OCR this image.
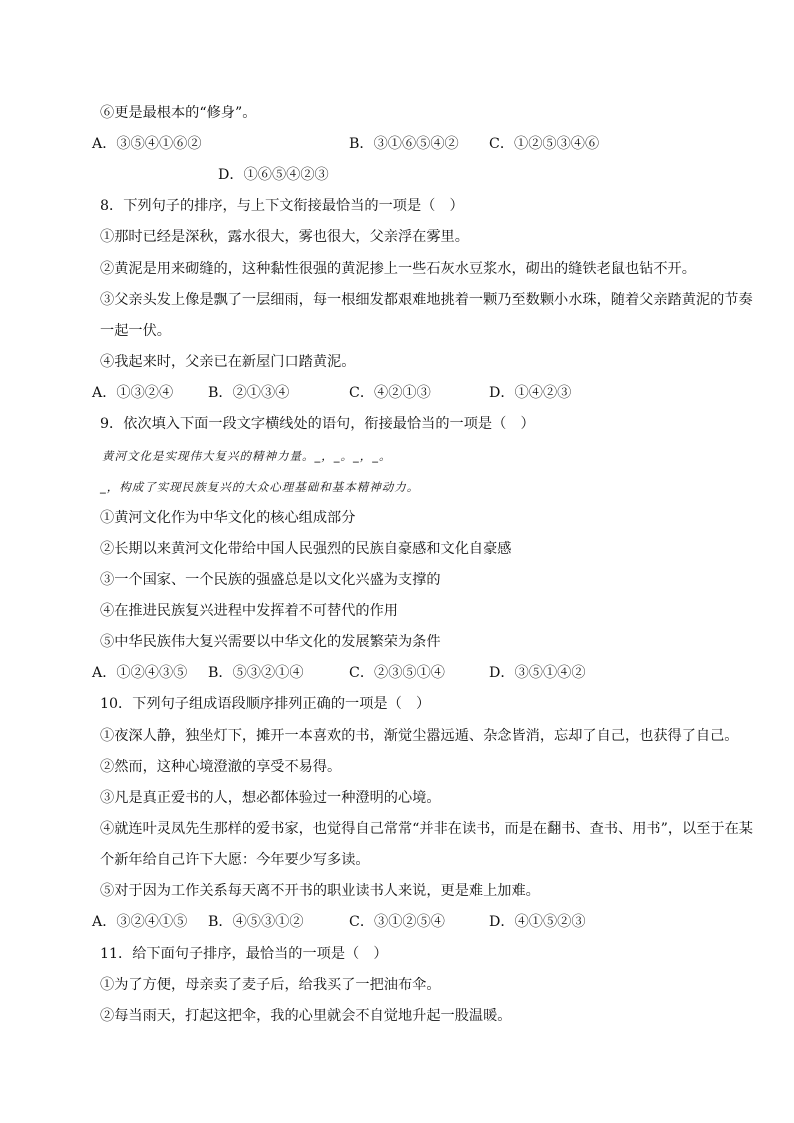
⑥更是最根本的“修身”。
A．③⑤④①⑥②	B．③①⑥⑤④② C．①②⑤③④⑥
D．①⑥⑤④②③
8．下列句子的排序，与上下文衔接最恰当的一项是（　）
①那时已经是深秋，露水很大，雾也很大，父亲浮在雾里。
②黄泥是用来砌缝的，这种黏性很强的黄泥掺上一些石灰水豆浆水，砌出的缝铁老鼠也钻不开。
③父亲头发上像是飘了一层细雨，每一根细发都艰难地挑着一颗乃至数颗小水珠，随着父亲踏黄泥的节奏
一起一伏。
④我起来时，父亲已在新屋门口踏黄泥。
A．①③②④ B．②①③④	C．④②①③	D．①④②③
9．依次填入下面一段文字横线处的语句，衔接最恰当的一项是（　）
黄河文化是实现伟大复兴的精神力量。_，_。_，_。
_，构成了实现民族复兴的大众心理基础和基本精神动力。
①黄河文化作为中华文化的核心组成部分
②长期以来黄河文化带给中国人民强烈的民族自豪感和文化自豪感
③一个国家、一个民族的强盛总是以文化兴盛为支撑的
④在推进民族复兴进程中发挥着不可替代的作用
⑤中华民族伟大复兴需要以中华文化的发展繁荣为条件
A．①②④③⑤ B．⑤③②①④	C．②③⑤①④	D．③⑤①④②
10．下列句子组成语段顺序排列正确的一项是（　）
①夜深人静，独坐灯下，摊开一本喜欢的书，渐觉尘嚣远遁、杂念皆消，忘却了自己，也获得了自己。
②然而，这种心境澄澈的享受不易得。
③凡是真正爱书的人，想必都体验过一种澄明的心境。
④就连叶灵凤先生那样的爱书家，也觉得自己常常“并非在读书，而是在翻书、查书、用书”，以至于在某
个新年给自己许下大愿：今年要少写多读。
⑤对于因为工作关系每天离不开书的职业读书人来说，更是难上加难。
A．③②④①⑤ B．④⑤③①②	C．③①②⑤④	D．④①⑤②③
11．给下面句子排序，最恰当的一项是（　）
①为了方便，母亲卖了麦子后，给我买了一把油布伞。
②每当雨天，打起这把伞，我的心里就会不自觉地升起一股温暖。
